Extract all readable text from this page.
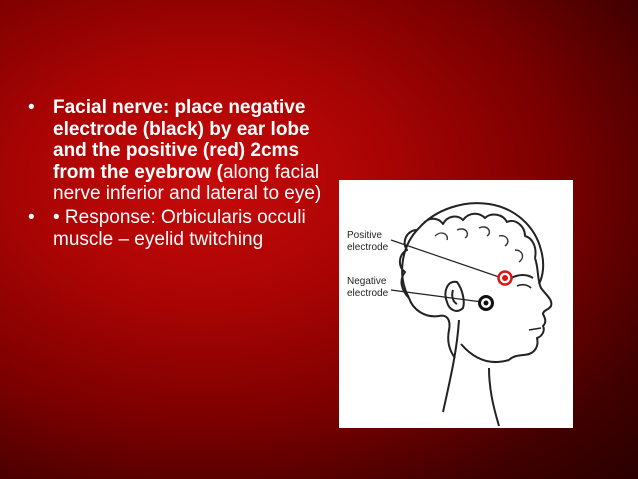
• Facial nerve: place negative electrode (black) by ear lobe and the positive (red) 2cms from the eyebrow (along facial nerve inferior and lateral to eye)
• • Response: Orbicularis occuli muscle – eyelid twitching	Positive
electrode
Negative
electrode
